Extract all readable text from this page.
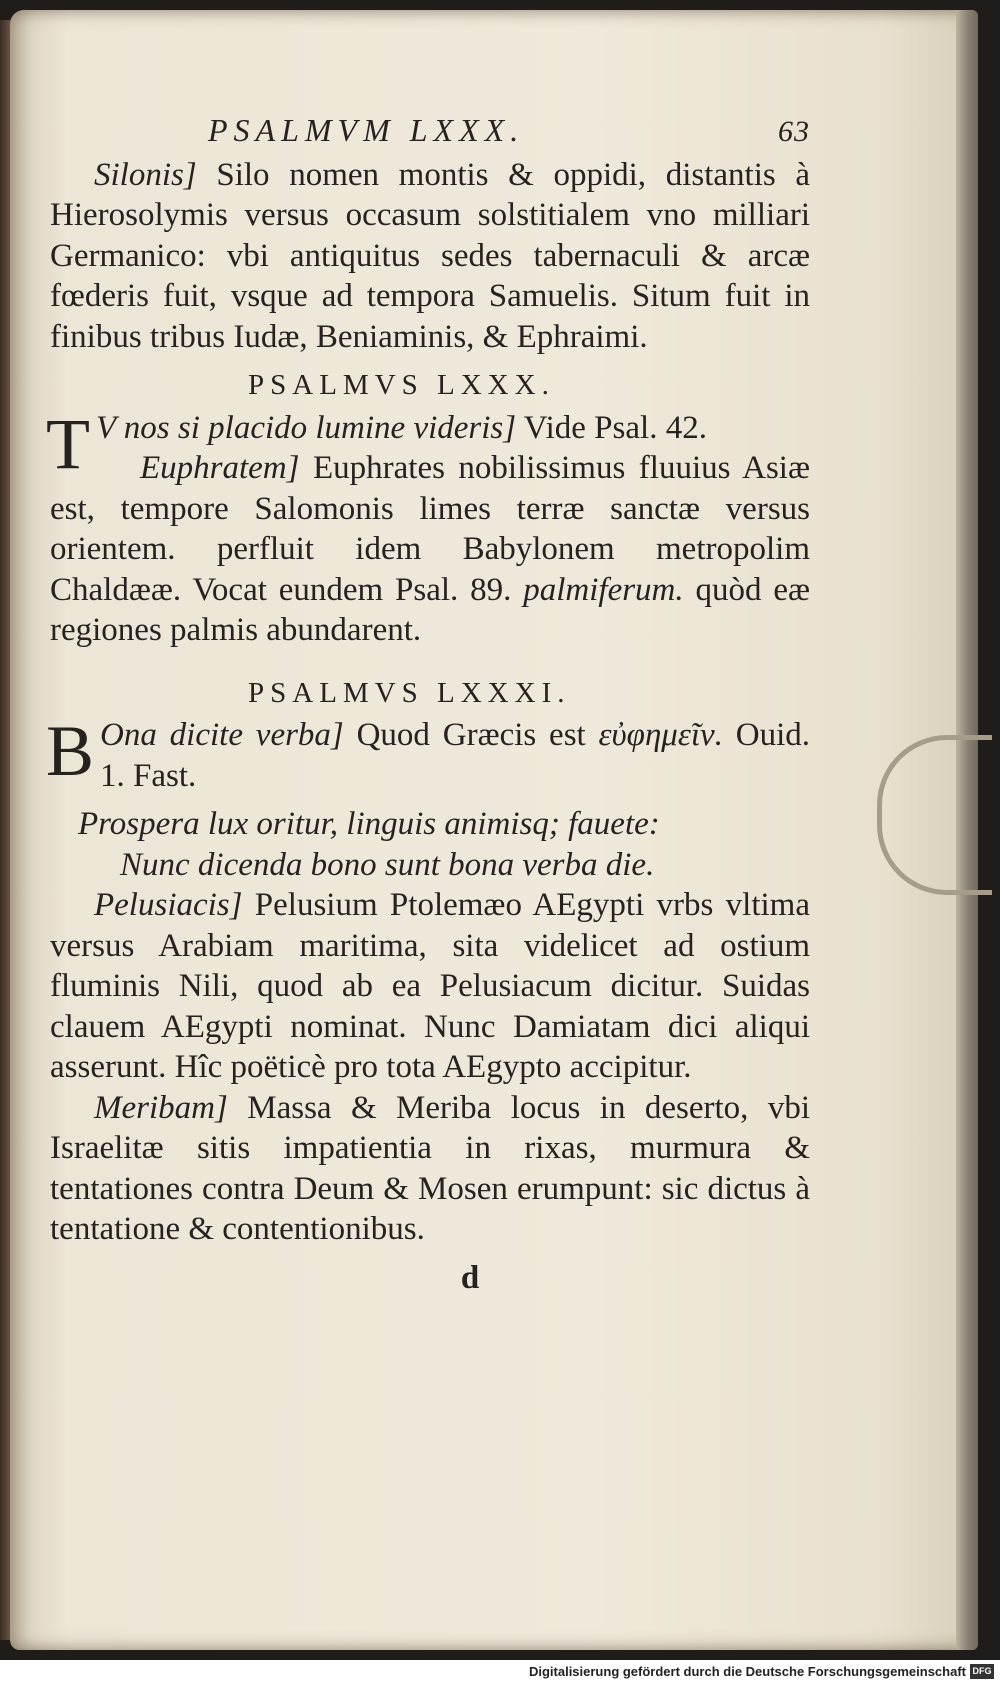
PSALMVM LXXX.	63

Silonis] Silo nomen montis & oppidi, distantis à Hierosolymis versus occasum solstitialem vno milliari Germanico: vbi antiquitus sedes tabernaculi & arcæ fœderis fuit, vsque ad tempora Samuelis. Situm fuit in finibus tribus Iudæ, Beniaminis, & Ephraimi.

PSALMVS LXXX.

T V nos si placido lumine videris] Vide Psal. 42.

Euphratem] Euphrates nobilissimus fluuius Asiæ est, tempore Salomonis limes terræ sanctæ versus orientem. perfluit idem Babylonem metropolim Chaldææ. Vocat eundem Psal. 89. palmiferum. quòd eæ regiones palmis abundarent.

PSALMVS LXXXI.

B Ona dicite verba] Quod Græcis est εὐφημεῖν. Ouid. 1. Fast.

Prospera lux oritur, linguis animisq; fauete:

Nunc dicenda bono sunt bona verba die.

Pelusiacis] Pelusium Ptolemæo AEgypti vrbs vltima versus Arabiam maritima, sita videlicet ad ostium fluminis Nili, quod ab ea Pelusiacum dicitur. Suidas clauem AEgypti nominat. Nunc Damiatam dici aliqui asserunt. Hîc poëticè pro tota AEgypto accipitur.

Meribam] Massa & Meriba locus in deserto, vbi Israelitæ sitis impatientia in rixas, murmura & tentationes contra Deum & Mosen erumpunt: sic dictus à tentatione & contentionibus.

d
Digitalisierung gefördert durch die Deutsche Forschungsgemeinschaft DFG
